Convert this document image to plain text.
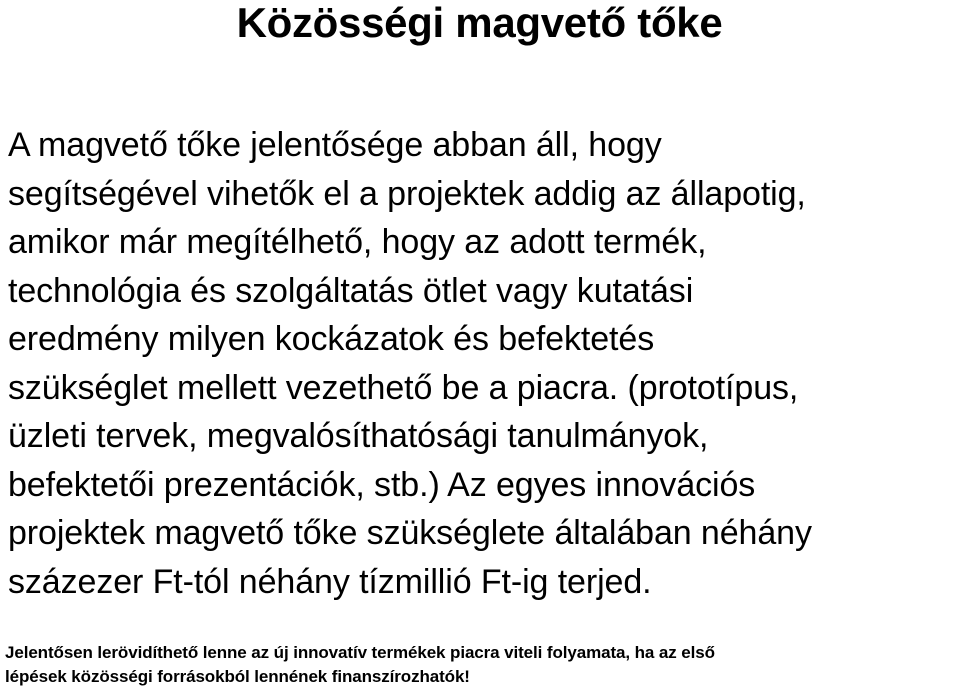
Közösségi magvető tőke
A magvető tőke jelentősége abban áll, hogy
segítségével vihetők el a projektek addig az állapotig,
amikor már megítélhető, hogy az adott termék,
technológia és szolgáltatás ötlet vagy kutatási
eredmény milyen kockázatok és befektetés
szükséglet mellett vezethető be a piacra. (prototípus,
üzleti tervek, megvalósíthatósági tanulmányok,
befektetői prezentációk, stb.) Az egyes innovációs
projektek magvető tőke szükséglete általában néhány
százezer Ft-tól néhány tízmillió Ft-ig terjed.
Jelentősen lerövidíthető lenne az új innovatív termékek piacra viteli folyamata, ha az első
lépések közösségi forrásokból lennének finanszírozhatók!
